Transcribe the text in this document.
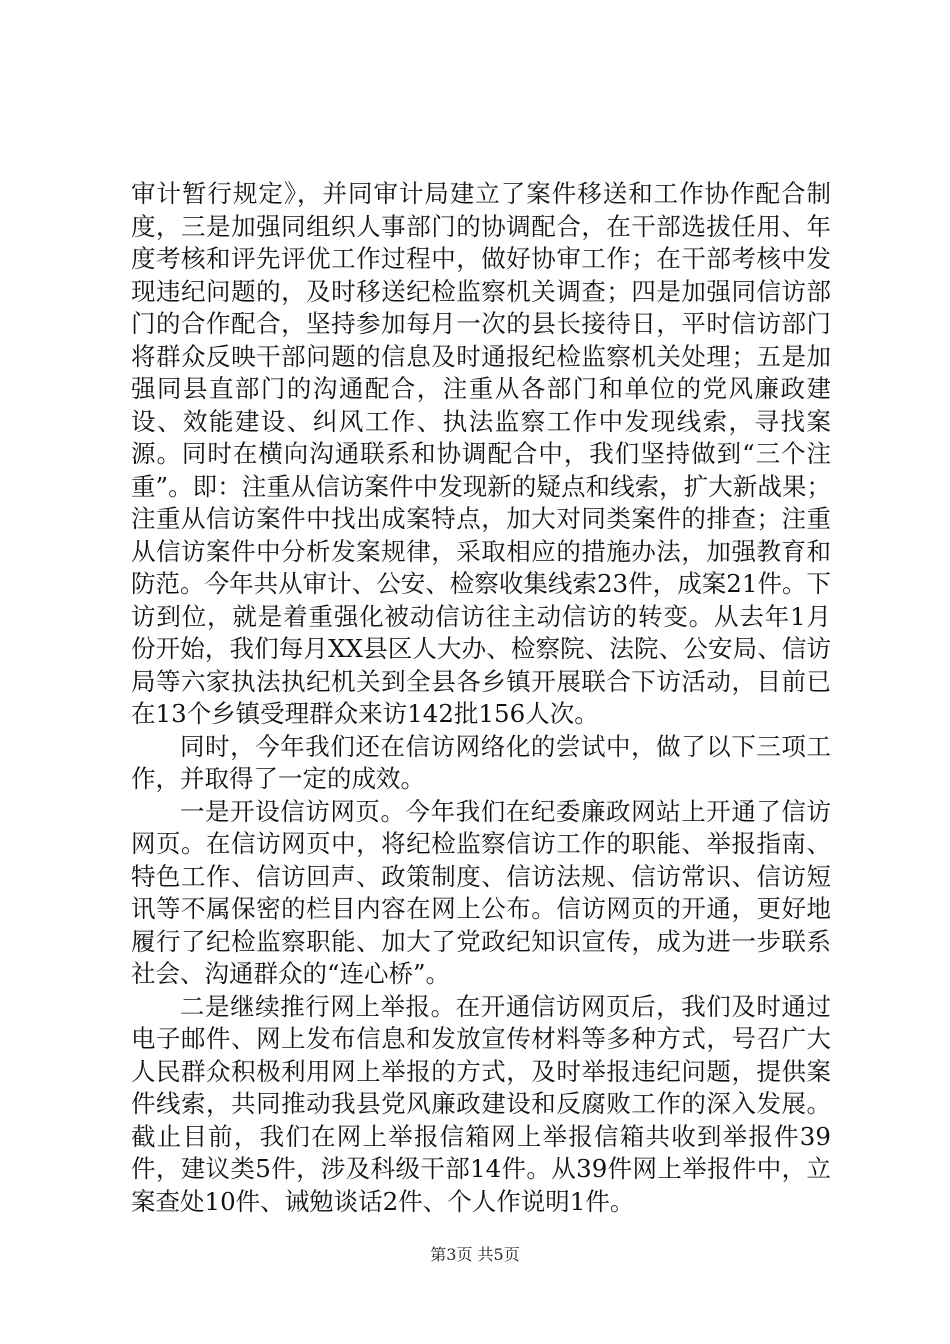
审计暂行规定》，并同审计局建立了案件移送和工作协作配合制度，三是加强同组织人事部门的协调配合，在干部选拔任用、年度考核和评先评优工作过程中，做好协审工作；在干部考核中发现违纪问题的，及时移送纪检监察机关调查；四是加强同信访部门的合作配合，坚持参加每月一次的县长接待日，平时信访部门将群众反映干部问题的信息及时通报纪检监察机关处理；五是加强同县直部门的沟通配合，注重从各部门和单位的党风廉政建设、效能建设、纠风工作、执法监察工作中发现线索，寻找案源。同时在横向沟通联系和协调配合中，我们坚持做到“三个注重”。即：注重从信访案件中发现新的疑点和线索，扩大新战果；注重从信访案件中找出成案特点，加大对同类案件的排查；注重从信访案件中分析发案规律，采取相应的措施办法，加强教育和防范。今年共从审计、公安、检察收集线索23件，成案21件。下访到位，就是着重强化被动信访往主动信访的转变。从去年1月份开始，我们每月XX县区人大办、检察院、法院、公安局、信访局等六家执法执纪机关到全县各乡镇开展联合下访活动，目前已在13个乡镇受理群众来访142批156人次。

同时，今年我们还在信访网络化的尝试中，做了以下三项工作，并取得了一定的成效。

一是开设信访网页。今年我们在纪委廉政网站上开通了信访网页。在信访网页中，将纪检监察信访工作的职能、举报指南、特色工作、信访回声、政策制度、信访法规、信访常识、信访短讯等不属保密的栏目内容在网上公布。信访网页的开通，更好地履行了纪检监察职能、加大了党政纪知识宣传，成为进一步联系社会、沟通群众的“连心桥”。

二是继续推行网上举报。在开通信访网页后，我们及时通过电子邮件、网上发布信息和发放宣传材料等多种方式，号召广大人民群众积极利用网上举报的方式，及时举报违纪问题，提供案件线索，共同推动我县党风廉政建设和反腐败工作的深入发展。截止目前，我们在网上举报信箱网上举报信箱共收到举报件39件，建议类5件，涉及科级干部14件。从39件网上举报件中，立案查处10件、诫勉谈话2件、个人作说明1件。

第3页 共5页
